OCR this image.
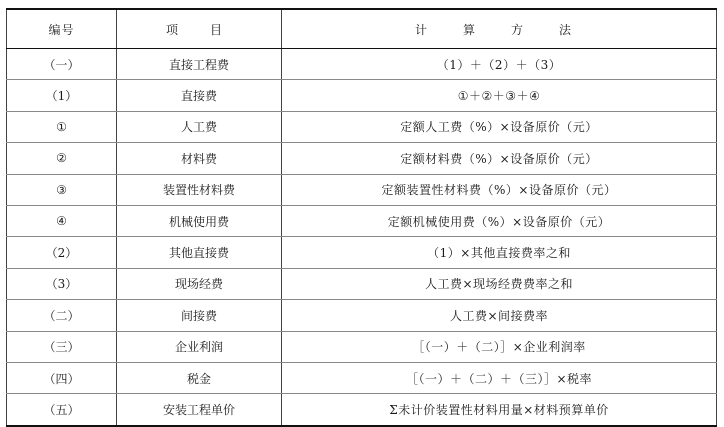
编号	项　目	计　算　方　法
（一）	直接工程费	（1）＋（2）＋（3）
（1）	直接费	①＋②＋③＋④
①	人工费	定额人工费（%）×设备原价（元）
②	材料费	定额材料费（%）×设备原价（元）
③	装置性材料费	定额装置性材料费（%）×设备原价（元）
④	机械使用费	定额机械使用费（%）×设备原价（元）
（2）	其他直接费	（1）×其他直接费率之和
（3）	现场经费	人工费×现场经费费率之和
（二）	间接费	人工费×间接费率
（三）	企业利润	［（一）＋（二）］×企业利润率
（四）	税金	［（一）＋（二）＋（三）］×税率
（五）	安装工程单价	Σ未计价装置性材料用量×材料预算单价
